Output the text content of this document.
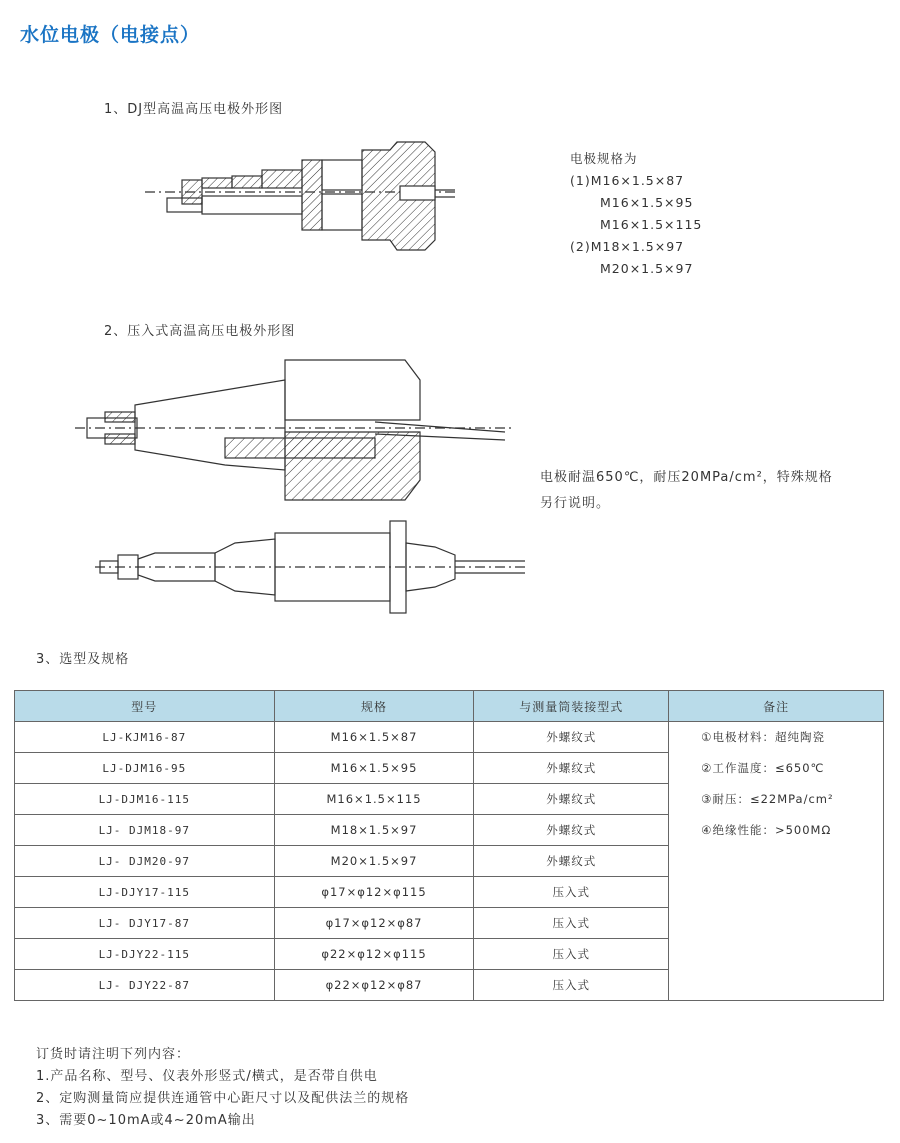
水位电极（电接点）
1、DJ型高温高压电极外形图
电极规格为
(1)M16×1.5×87
M16×1.5×95
M16×1.5×115
(2)M18×1.5×97
M20×1.5×97
2、压入式高温高压电极外形图
电极耐温650℃，耐压20MPa/cm²，特殊规格
另行说明。
3、选型及规格
型号	规格	与测量筒装接型式	备注
LJ-KJM16-87	M16×1.5×87	外螺纹式	①电极材料：超纯陶瓷
LJ-DJM16-95	M16×1.5×95	外螺纹式	②工作温度：≤650℃
LJ-DJM16-115	M16×1.5×115	外螺纹式	③耐压：≤22MPa/cm²
LJ- DJM18-97	M18×1.5×97	外螺纹式	④绝缘性能：>500MΩ
LJ- DJM20-97	M20×1.5×97	外螺纹式	
LJ-DJY17-115	φ17×φ12×φ115	压入式	
LJ- DJY17-87	φ17×φ12×φ87	压入式	
LJ-DJY22-115	φ22×φ12×φ115	压入式	
LJ- DJY22-87	φ22×φ12×φ87	压入式	
订货时请注明下列内容：
1.产品名称、型号、仪表外形竖式/横式，是否带自供电
2、定购测量筒应提供连通管中心距尺寸以及配供法兰的规格
3、需要0~10mA或4~20mA输出
